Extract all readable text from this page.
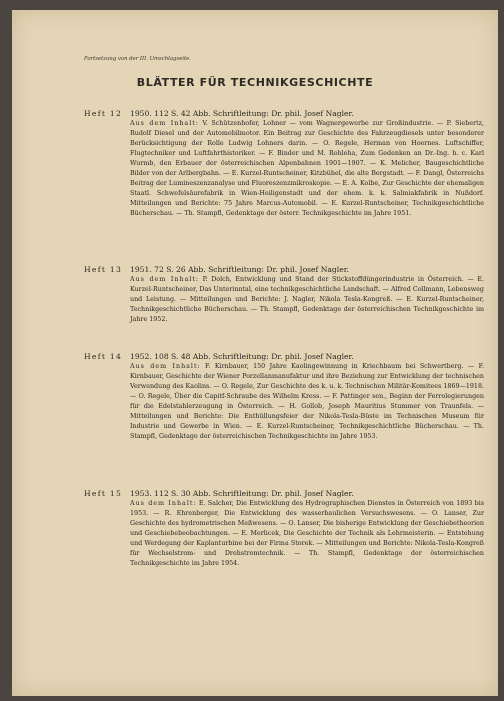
Fortsetzung von der III. Umschlagseite.
BLÄTTER FÜR TECHNIKGESCHICHTE
Heft 12 1950. 112 S. 42 Abb. Schriftleitung: Dr. phil. Josef Nagler.
Aus dem Inhalt: V. Schützenhofer, Lohner — vom Wagnergewerbe zur Großindustrie. — P. Siebertz, Rudolf Diesel und der Automobilmotor. Ein Beitrag zur Geschichte des Fahrzeugdiesels unter besonderer Berücksichtigung der Rolle Ludwig Lohners darin. — O. Regele, Herman von Hoernes. Luftschiffer, Flugtechniker und Luftfahrthistoriker. — F. Binder und M. Rohleha, Zum Gedenken an Dr.-Ing. h. c. Karl Wurmb, den Erbauer der österreichischen Alpenbahnen 1901—1907. — K. Melicher, Baugeschichtliche Bilder von der Arlbergbahn. — E. Kurzel-Runtscheiner, Kitzbühel, die alte Bergstadt. — F. Dangl, Österreichs Beitrag der Lumineszenzanalyse und Fluoreszenzmikroskopie. — E. A. Kolbe, Zur Geschichte der ehemaligen Staatl. Schwefelsäurefabrik in Wien-Heiligenstadt und der ehem. k. k. Salmiakfabrik in Nußdorf. Mitteilungen und Berichte: 75 Jahre Marcus-Automobil. — E. Kurzel-Runtscheiner, Technikgeschichtliche Bücherschau. — Th. Stampfl, Gedenktage der österr. Technikgeschichte im Jahre 1951.
Heft 13 1951. 72 S. 26 Abb. Schriftleitung: Dr. phil. Josef Nagler.
Aus dem Inhalt: P. Dolch, Entwicklung und Stand der Stickstoffdüngerindustrie in Österreich. — E. Kurzel-Runtscheiner, Das Unterinntal, eine technikgeschichtliche Landschaft. — Alfred Collmann, Lebensweg und Leistung. — Mitteilungen und Berichte: J. Nagler, Nikola Tesla-Kongreß. — E. Kurzel-Runtscheiner, Technikgeschichtliche Bücherschau. — Th. Stampfl, Gedenktage der österreichischen Technikgeschichte im Jahre 1952.
Heft 14 1952. 108 S. 48 Abb. Schriftleitung: Dr. phil. Josef Nagler.
Aus dem Inhalt: F. Kirnbauer, 150 Jahre Kaolingewinnung in Kriechbaum bei Schwertberg. — F. Kirnbauer, Geschichte der Wiener Porzellanmanufaktur und ihre Beziehung zur Entwicklung der technischen Verwendung des Kaolins. — O. Regele, Zur Geschichte des k. u. k. Technischen Militär-Komitees 1869—1918. — O. Regele, Über die Capitf-Schraube des Wilhelm Kress. — F. Pattinger sen., Beginn der Ferrolegierungen für die Edelstahlerzeugung in Österreich. — H. Gollob, Joseph Mauritius Stummer von Traunfels. — Mitteilungen und Berichte: Die Enthüllungsfeier der Nikola-Tesla-Büste im Technischen Museum für Industrie und Gewerbe in Wien. — E. Kurzel-Runtscheiner, Technikgeschichtliche Bücherschau. — Th. Stampfl, Gedenktage der österreichischen Technikgeschichte im Jahre 1953.
Heft 15 1953. 112 S. 30 Abb. Schriftleitung: Dr. phil. Josef Nagler.
Aus dem Inhalt: E. Salcher, Die Entwicklung des Hydrographischen Dienstes in Österreich von 1893 bis 1953. — R. Ehrenberger, Die Entwicklung des wasserbaulichen Versuchswesens. — O. Lanser, Zur Geschichte des hydrometrischen Meßwesens. — O. Lanser, Die bisherige Entwicklung der Geschiebetheorien und Geschiebebeobachtungen. — E. Merlicek, Die Geschichte der Technik als Lehrmeisterin. — Entstehung und Werdegang der Kaplanturbine bei der Firma Storek. — Mitteilungen und Berichte: Nikola-Tesla-Kongreß für Wechselstrom- und Drehstromtechnik. — Th. Stampfl, Gedenktage der österreichischen Technikgeschichte im Jahre 1954.
